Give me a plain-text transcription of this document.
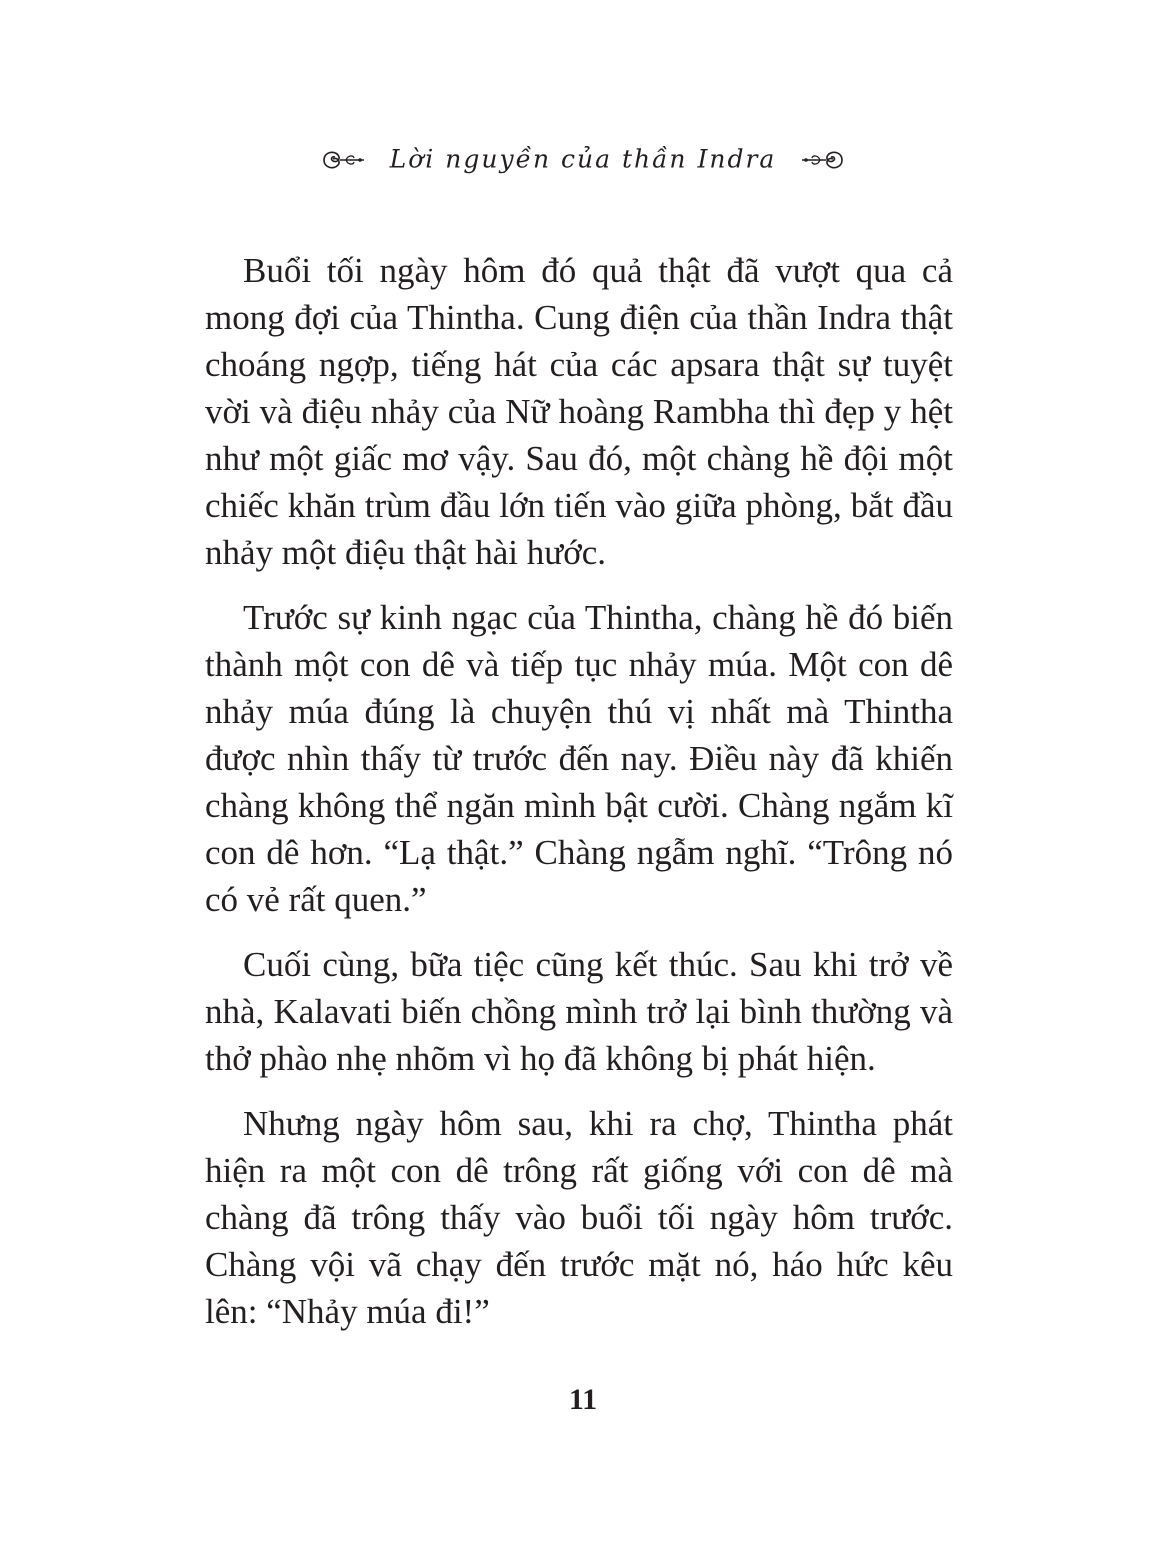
Lời nguyền của thần Indra

Buổi tối ngày hôm đó quả thật đã vượt qua cả mong đợi của Thintha. Cung điện của thần Indra thật choáng ngợp, tiếng hát của các apsara thật sự tuyệt vời và điệu nhảy của Nữ hoàng Rambha thì đẹp y hệt như một giấc mơ vậy. Sau đó, một chàng hề đội một chiếc khăn trùm đầu lớn tiến vào giữa phòng, bắt đầu nhảy một điệu thật hài hước.

Trước sự kinh ngạc của Thintha, chàng hề đó biến thành một con dê và tiếp tục nhảy múa. Một con dê nhảy múa đúng là chuyện thú vị nhất mà Thintha được nhìn thấy từ trước đến nay. Điều này đã khiến chàng không thể ngăn mình bật cười. Chàng ngắm kĩ con dê hơn. “Lạ thật.” Chàng ngẫm nghĩ. “Trông nó có vẻ rất quen.”

Cuối cùng, bữa tiệc cũng kết thúc. Sau khi trở về nhà, Kalavati biến chồng mình trở lại bình thường và thở phào nhẹ nhõm vì họ đã không bị phát hiện.

Nhưng ngày hôm sau, khi ra chợ, Thintha phát hiện ra một con dê trông rất giống với con dê mà chàng đã trông thấy vào buổi tối ngày hôm trước. Chàng vội vã chạy đến trước mặt nó, háo hức kêu lên: “Nhảy múa đi!”

11
